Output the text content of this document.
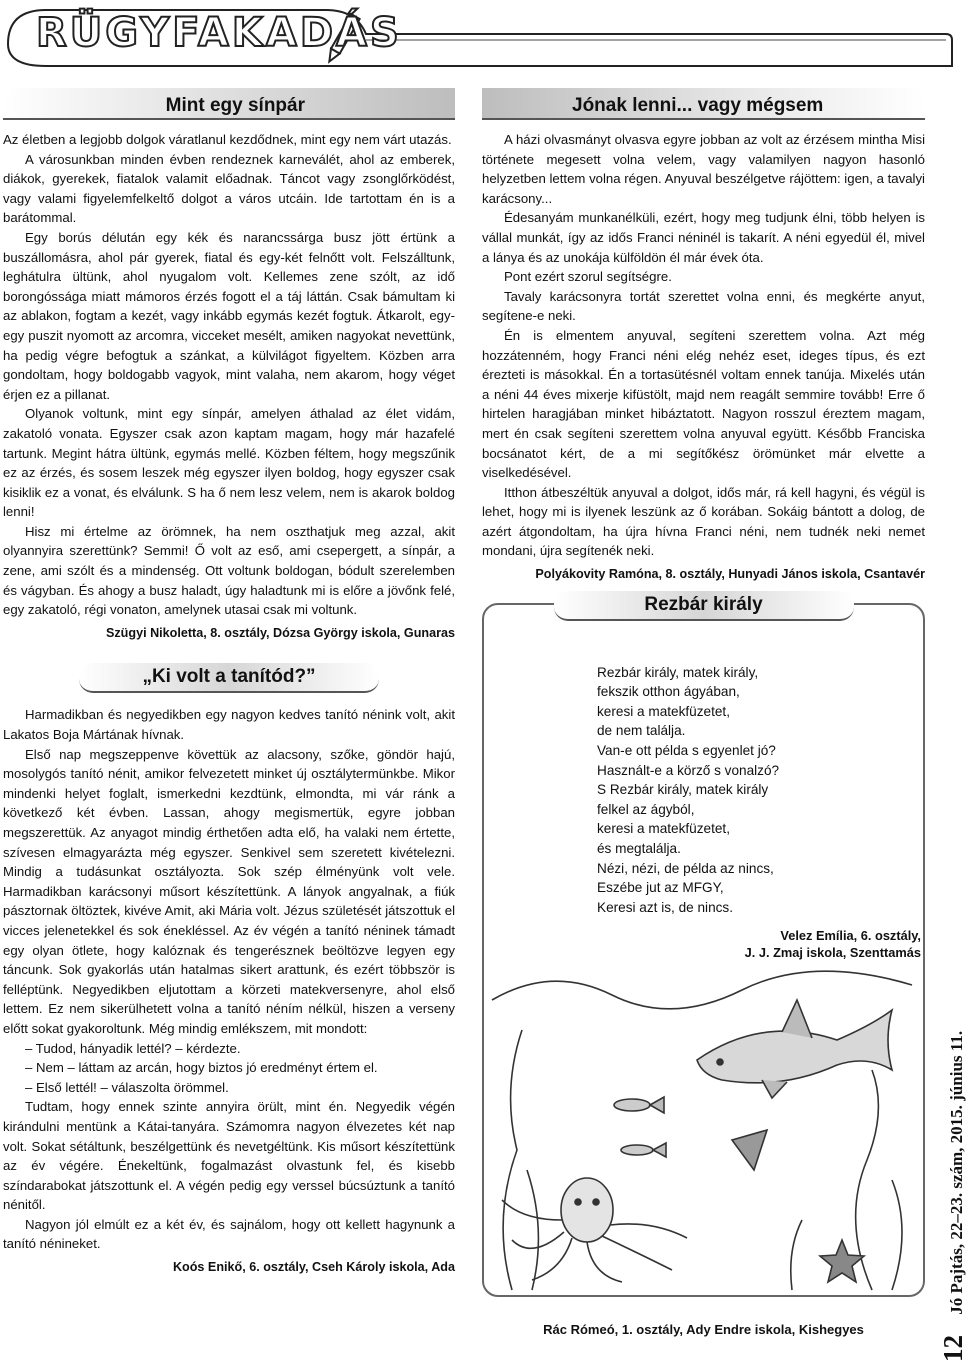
RÜGYFAKADÁS
Mint egy sínpár

Az életben a legjobb dolgok váratlanul kezdődnek, mint egy nem várt utazás.

A városunkban minden évben rendeznek karneválét, ahol az emberek, diákok, gyerekek, fiatalok valamit előadnak. Táncot vagy zsonglőrködést, vagy valami figyelemfelkeltő dolgot a város utcáin. Ide tartottam én is a barátommal.

Egy borús délután egy kék és narancssárga busz jött értünk a buszállomásra, ahol pár gyerek, fiatal és egy-két felnőtt volt. Felszálltunk, leghátulra ültünk, ahol nyugalom volt. Kellemes zene szólt, az idő borongóssága miatt mámoros érzés fogott el a táj láttán. Csak bámultam ki az ablakon, fogtam a kezét, vagy inkább egymás kezét fogtuk. Átkarolt, egy-egy puszit nyomott az arcomra, vicceket mesélt, amiken nagyokat nevettünk, ha pedig végre befogtuk a szánkat, a külvilágot figyeltem. Közben arra gondoltam, hogy boldogabb vagyok, mint valaha, nem akarom, hogy véget érjen ez a pillanat.

Olyanok voltunk, mint egy sínpár, amelyen áthalad az élet vidám, zakatoló vonata. Egyszer csak azon kaptam magam, hogy már hazafelé tartunk. Megint hátra ültünk, egymás mellé. Közben féltem, hogy megszűnik ez az érzés, és sosem leszek még egyszer ilyen boldog, hogy egyszer csak kisiklik ez a vonat, és elválunk. S ha ő nem lesz velem, nem is akarok boldog lenni!

Hisz mi értelme az örömnek, ha nem oszthatjuk meg azzal, akit olyannyira szerettünk? Semmi! Ő volt az eső, ami csepergett, a sínpár, a zene, ami szólt és a mindenség. Ott voltunk boldogan, bódult szerelemben és vágyban. És ahogy a busz haladt, úgy haladtunk mi is előre a jövőnk felé, egy zakatoló, régi vonaton, amelynek utasai csak mi voltunk.

Szügyi Nikoletta, 8. osztály, Dózsa György iskola, Gunaras
„Ki volt a tanítód?”

Harmadikban és negyedikben egy nagyon kedves tanító nénink volt, akit Lakatos Boja Mártának hívnak.

Első nap megszeppenve követtük az alacsony, szőke, göndör hajú, mosolygós tanító nénit, amikor felvezetett minket új osztálytermünkbe. Mikor mindenki helyet foglalt, ismerkedni kezdtünk, elmondta, mi vár ránk a következő két évben. Lassan, ahogy megismertük, egyre jobban megszerettük. Az anyagot mindig érthetően adta elő, ha valaki nem értette, szívesen elmagyarázta még egyszer. Senkivel sem szeretett kivételezni. Mindig a tudásunkat osztályozta. Sok szép élményünk volt vele. Harmadikban karácsonyi műsort készítettünk. A lányok angyalnak, a fiúk pásztornak öltöztek, kivéve Amit, aki Mária volt. Jézus születését játszottuk el vicces jelenetekkel és sok énekléssel. Az év végén a tanító néninek támadt egy olyan ötlete, hogy kalóznak és tengerésznek beöltözve legyen egy táncunk. Sok gyakorlás után hatalmas sikert arattunk, és ezért többször is felléptünk. Negyedikben eljutottam a körzeti matekversenyre, ahol első lettem. Ez nem sikerülhetett volna a tanító néním nélkül, hiszen a verseny előtt sokat gyakoroltunk. Még mindig emlékszem, mit mondott:

– Tudod, hányadik lettél? – kérdezte.

– Nem – láttam az arcán, hogy biztos jó eredményt értem el.

– Első lettél! – válaszolta örömmel.

Tudtam, hogy ennek szinte annyira örült, mint én. Negyedik végén kirándulni mentünk a Kátai-tanyára. Számomra nagyon élvezetes két nap volt. Sokat sétáltunk, beszélgettünk és nevetgéltünk. Kis műsort készítettünk az év végére. Énekeltünk, fogalmazást olvastunk fel, és kisebb színdarabokat játszottunk el. A végén pedig egy verssel búcsúztunk a tanító nénitől.

Nagyon jól elmúlt ez a két év, és sajnálom, hogy ott kellett hagynunk a tanító nénineket.

Koós Enikő, 6. osztály, Cseh Károly iskola, Ada
Jónak lenni... vagy mégsem

A házi olvasmányt olvasva egyre jobban az volt az érzésem mintha Misi története megesett volna velem, vagy valamilyen nagyon hasonló helyzetben lettem volna régen. Anyuval beszélgetve rájöttem: igen, a tavalyi karácsony...

Édesanyám munkanélküli, ezért, hogy meg tudjunk élni, több helyen is vállal munkát, így az idős Franci néninél is takarít. A néni egyedül él, mivel a lánya és az unokája külföldön él már évek óta.

Pont ezért szorul segítségre.

Tavaly karácsonyra tortát szerettet volna enni, és megkérte anyut, segítene-e neki.

Én is elmentem anyuval, segíteni szerettem volna. Azt még hozzátenném, hogy Franci néni elég nehéz eset, ideges típus, és ezt érezteti is másokkal. Én a tortasütésnél voltam ennek tanúja. Mixelés után a néni 44 éves mixerje kifüstölt, majd nem reagált semmire tovább! Erre ő hirtelen haragjában minket hibáztatott. Nagyon rosszul éreztem magam, mert én csak segíteni szerettem volna anyuval együtt. Később Franciska bocsánatot kért, de a mi segítőkész örömünket már elvette a viselkedésével.

Itthon átbeszéltük anyuval a dolgot, idős már, rá kell hagyni, és végül is lehet, hogy mi is ilyenek leszünk az ő korában. Sokáig bántott a dolog, de azért átgondoltam, ha újra hívna Franci néni, nem tudnék neki nemet mondani, újra segítenék neki.

Polyákovity Ramóna, 8. osztály, Hunyadi János iskola, Csantavér
Rezbár király
Rezbár király, matek király,
fekszik otthon ágyában,
keresi a matekfüzetet,
de nem találja.
Van-e ott példa s egyenlet jó?
Használt-e a körző s vonalzó?
S Rezbár király, matek király
felkel az ágyból,
keresi a matekfüzetet,
és megtalálja.
Nézi, nézi, de példa az nincs,
Eszébe jut az MFGY,
Keresi azt is, de nincs.
Velez Emília, 6. osztály,
J. J. Zmaj iskola, Szenttamás
Rác Rómeó, 1. osztály, Ady Endre iskola, Kishegyes
12 Jó Pajtás, 22–23. szám, 2015. június 11.
